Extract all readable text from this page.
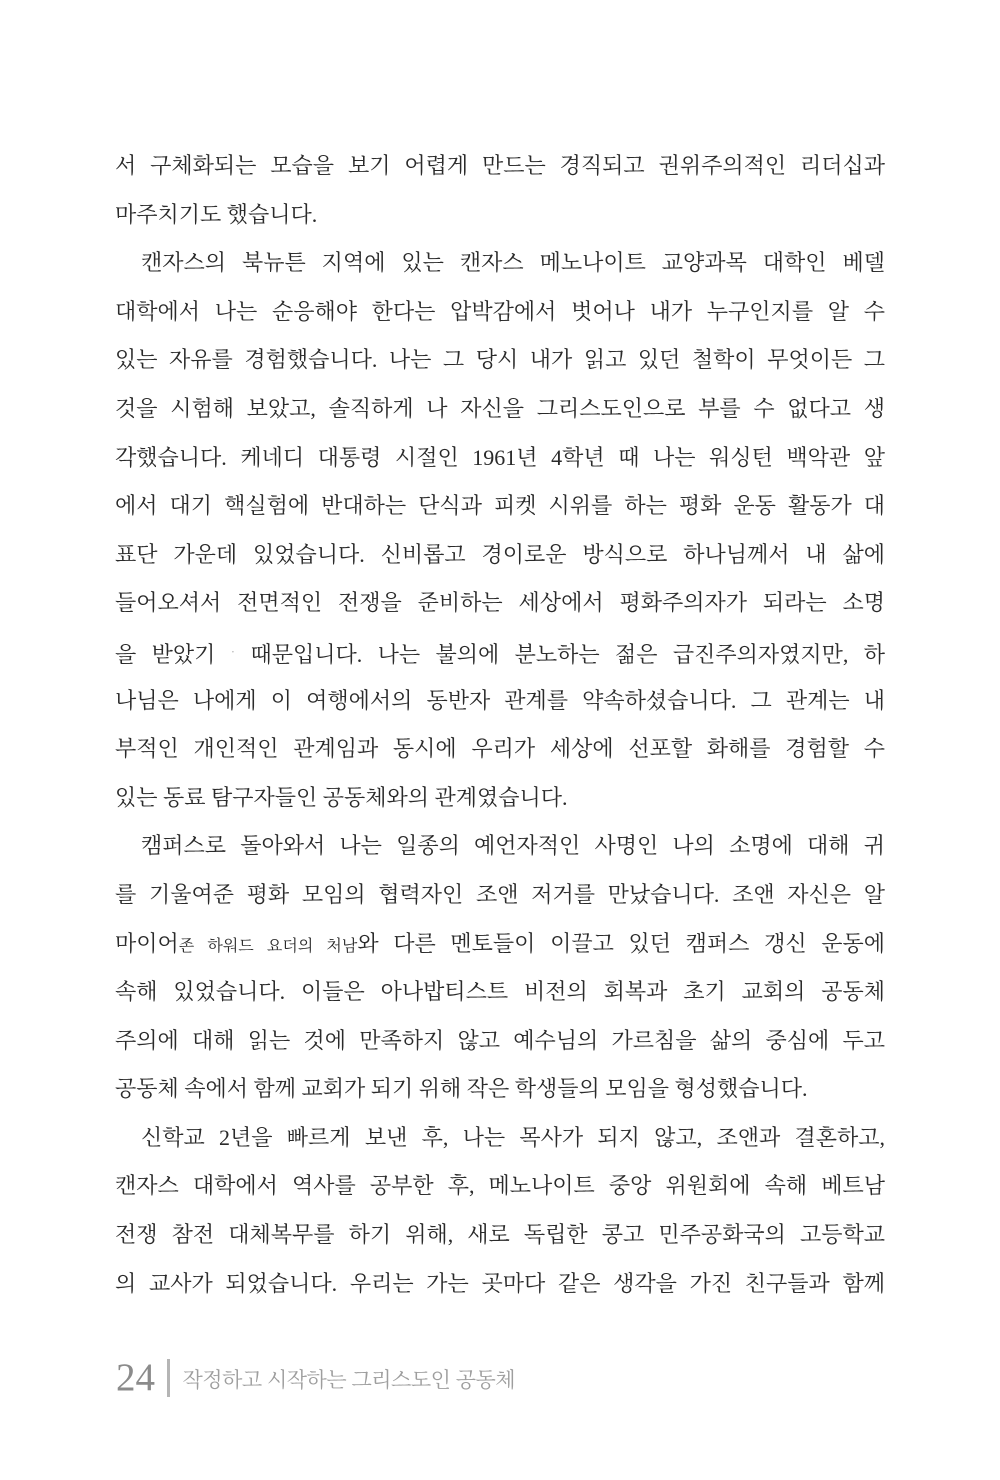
서 구체화되는 모습을 보기 어렵게 만드는 경직되고 권위주의적인 리더십과
마주치기도 했습니다.
캔자스의 북뉴튼 지역에 있는 캔자스 메노나이트 교양과목 대학인 베델
대학에서 나는 순응해야 한다는 압박감에서 벗어나 내가 누구인지를 알 수
있는 자유를 경험했습니다. 나는 그 당시 내가 읽고 있던 철학이 무엇이든 그
것을 시험해 보았고, 솔직하게 나 자신을 그리스도인으로 부를 수 없다고 생
각했습니다. 케네디 대통령 시절인 1961년 4학년 때 나는 워싱턴 백악관 앞
에서 대기 핵실험에 반대하는 단식과 피켓 시위를 하는 평화 운동 활동가 대
표단 가운데 있었습니다. 신비롭고 경이로운 방식으로 하나님께서 내 삶에
들어오셔서 전면적인 전쟁을 준비하는 세상에서 평화주의자가 되라는 소명
을 받았기 · 때문입니다. 나는 불의에 분노하는 젊은 급진주의자였지만, 하
나님은 나에게 이 여행에서의 동반자 관계를 약속하셨습니다. 그 관계는 내
부적인 개인적인 관계임과 동시에 우리가 세상에 선포할 화해를 경험할 수
있는 동료 탐구자들인 공동체와의 관계였습니다.
캠퍼스로 돌아와서 나는 일종의 예언자적인 사명인 나의 소명에 대해 귀
를 기울여준 평화 모임의 협력자인 조앤 저거를 만났습니다. 조앤 자신은 알
마이어존 하워드 요더의 처남와 다른 멘토들이 이끌고 있던 캠퍼스 갱신 운동에
속해 있었습니다. 이들은 아나밥티스트 비전의 회복과 초기 교회의 공동체
주의에 대해 읽는 것에 만족하지 않고 예수님의 가르침을 삶의 중심에 두고
공동체 속에서 함께 교회가 되기 위해 작은 학생들의 모임을 형성했습니다.
신학교 2년을 빠르게 보낸 후, 나는 목사가 되지 않고, 조앤과 결혼하고,
캔자스 대학에서 역사를 공부한 후, 메노나이트 중앙 위원회에 속해 베트남
전쟁 참전 대체복무를 하기 위해, 새로 독립한 콩고 민주공화국의 고등학교
의 교사가 되었습니다. 우리는 가는 곳마다 같은 생각을 가진 친구들과 함께
24 작정하고 시작하는 그리스도인 공동체
